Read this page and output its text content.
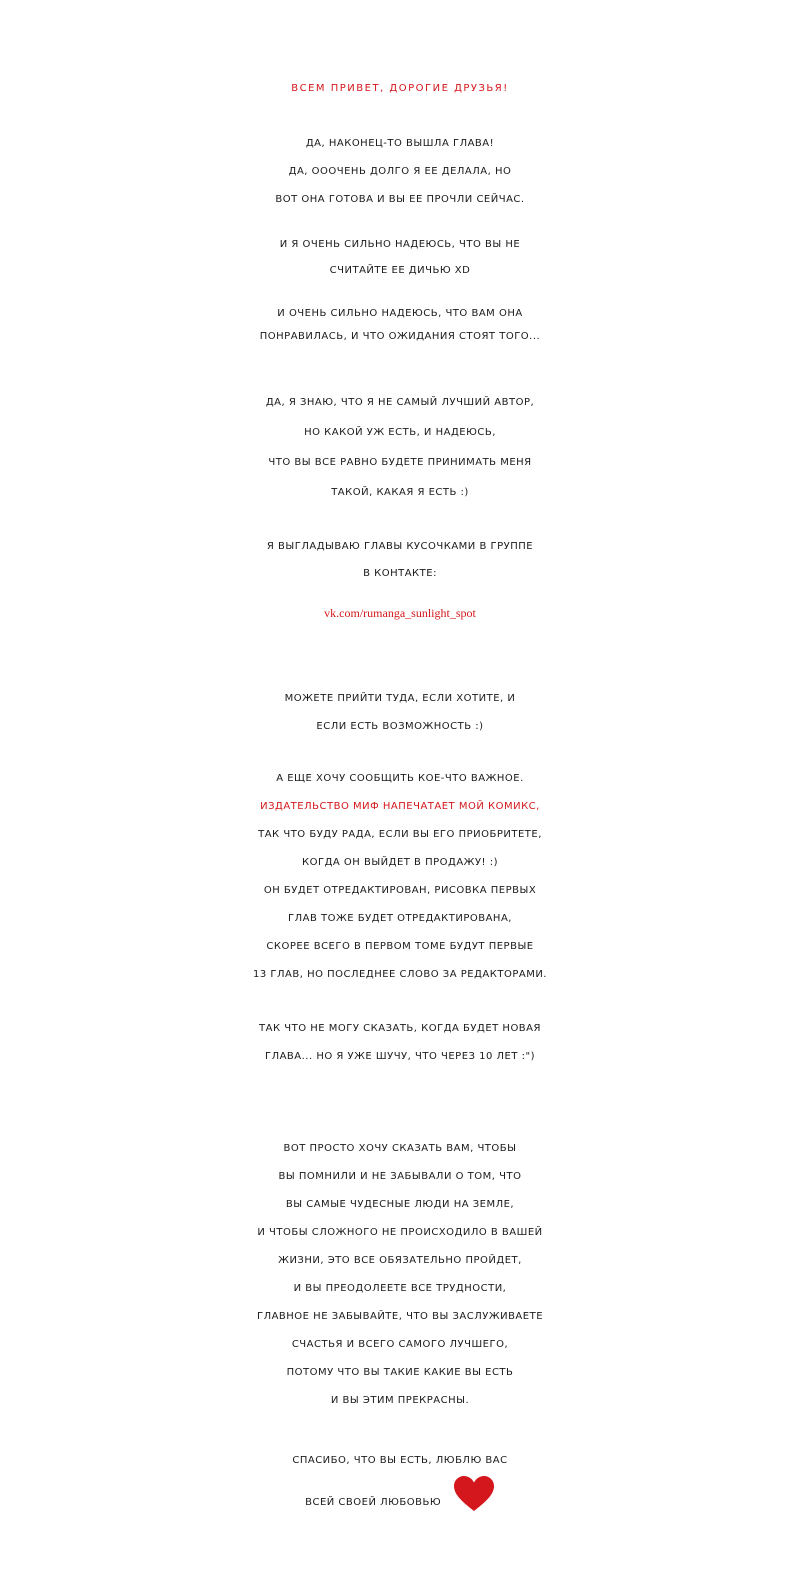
ВСЕМ ПРИВЕТ, ДОРОГИЕ ДРУЗЬЯ!
ДА, НАКОНЕЦ-ТО ВЫШЛА ГЛАВА!
ДА, ОООЧЕНЬ ДОЛГО Я ЕЕ ДЕЛАЛА, НО
ВОТ ОНА ГОТОВА И ВЫ ЕЕ ПРОЧЛИ СЕЙЧАС.
И Я ОЧЕНЬ СИЛЬНО НАДЕЮСЬ, ЧТО ВЫ НЕ
СЧИТАЙТЕ ЕЕ ДИЧЬЮ XD
И ОЧЕНЬ СИЛЬНО НАДЕЮСЬ, ЧТО ВАМ ОНА
ПОНРАВИЛАСЬ, И ЧТО ОЖИДАНИЯ СТОЯТ ТОГО...
ДА, Я ЗНАЮ, ЧТО Я НЕ САМЫЙ ЛУЧШИЙ АВТОР,
НО КАКОЙ УЖ ЕСТЬ, И НАДЕЮСЬ,
ЧТО ВЫ ВСЕ РАВНО БУДЕТЕ ПРИНИМАТЬ МЕНЯ
ТАКОЙ, КАКАЯ Я ЕСТЬ :)
Я ВЫГЛАДЫВАЮ ГЛАВЫ КУСОЧКАМИ В ГРУППЕ
В КОНТАКТЕ:
vk.com/rumanga_sunlight_spot
МОЖЕТЕ ПРИЙТИ ТУДА, ЕСЛИ ХОТИТЕ, И
ЕСЛИ ЕСТЬ ВОЗМОЖНОСТЬ :)
А ЕЩЕ ХОЧУ СООБЩИТЬ КОЕ-ЧТО ВАЖНОЕ.
ИЗДАТЕЛЬСТВО МИФ НАПЕЧАТАЕТ МОЙ КОМИКС,
ТАК ЧТО БУДУ РАДА, ЕСЛИ ВЫ ЕГО ПРИОБРИТЕТЕ,
КОГДА ОН ВЫЙДЕТ В ПРОДАЖУ! :)
ОН БУДЕТ ОТРЕДАКТИРОВАН, РИСОВКА ПЕРВЫХ
ГЛАВ ТОЖЕ БУДЕТ ОТРЕДАКТИРОВАНА,
СКОРЕЕ ВСЕГО В ПЕРВОМ ТОМЕ БУДУТ ПЕРВЫЕ
13 ГЛАВ, НО ПОСЛЕДНЕЕ СЛОВО ЗА РЕДАКТОРАМИ.
ТАК ЧТО НЕ МОГУ СКАЗАТЬ, КОГДА БУДЕТ НОВАЯ
ГЛАВА... НО Я УЖЕ ШУЧУ, ЧТО ЧЕРЕЗ 10 ЛЕТ :")
ВОТ ПРОСТО ХОЧУ СКАЗАТЬ ВАМ, ЧТОБЫ
ВЫ ПОМНИЛИ И НЕ ЗАБЫВАЛИ О ТОМ, ЧТО
ВЫ САМЫЕ ЧУДЕСНЫЕ ЛЮДИ НА ЗЕМЛЕ,
И ЧТОБЫ СЛОЖНОГО НЕ ПРОИСХОДИЛО В ВАШЕЙ
ЖИЗНИ, ЭТО ВСЕ ОБЯЗАТЕЛЬНО ПРОЙДЕТ,
И ВЫ ПРЕОДОЛЕЕТЕ ВСЕ ТРУДНОСТИ,
ГЛАВНОЕ НЕ ЗАБЫВАЙТЕ, ЧТО ВЫ ЗАСЛУЖИВАЕТЕ
СЧАСТЬЯ И ВСЕГО САМОГО ЛУЧШЕГО,
ПОТОМУ ЧТО ВЫ ТАКИЕ КАКИЕ ВЫ ЕСТЬ
И ВЫ ЭТИМ ПРЕКРАСНЫ.
СПАСИБО, ЧТО ВЫ ЕСТЬ, ЛЮБЛЮ ВАС
ВСЕЙ СВОЕЙ ЛЮБОВЬЮ
